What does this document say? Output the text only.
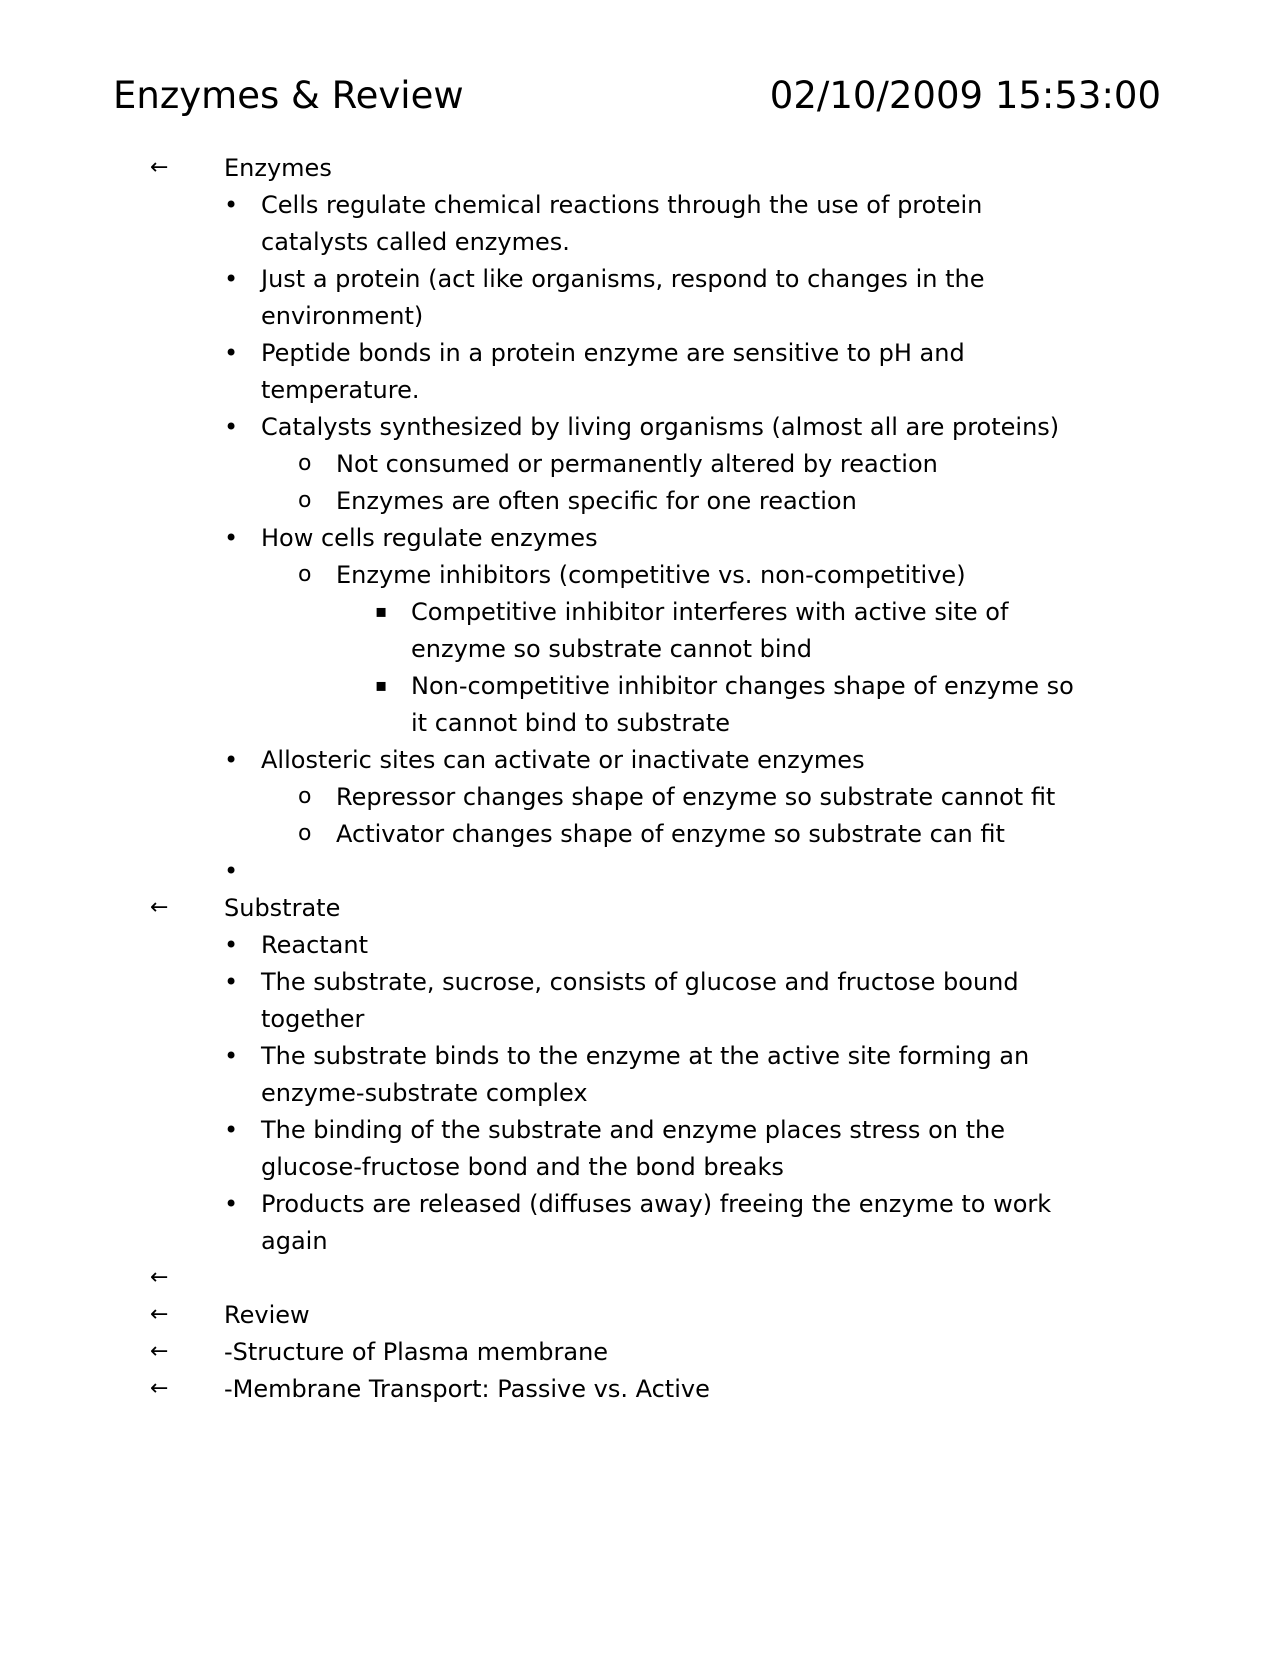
Enzymes & Review	02/10/2009 15:53:00
← Enzymes
• Cells regulate chemical reactions through the use of protein
catalysts called enzymes.
• Just a protein (act like organisms, respond to changes in the
environment)
• Peptide bonds in a protein enzyme are sensitive to pH and
temperature.
• Catalysts synthesized by living organisms (almost all are proteins)
o Not consumed or permanently altered by reaction
o Enzymes are often specific for one reaction
• How cells regulate enzymes
o Enzyme inhibitors (competitive vs. non-competitive)
▪ Competitive inhibitor interferes with active site of
enzyme so substrate cannot bind
▪ Non-competitive inhibitor changes shape of enzyme so
it cannot bind to substrate
• Allosteric sites can activate or inactivate enzymes
o Repressor changes shape of enzyme so substrate cannot fit
o Activator changes shape of enzyme so substrate can fit
•
← Substrate
• Reactant
• The substrate, sucrose, consists of glucose and fructose bound
together
• The substrate binds to the enzyme at the active site forming an
enzyme-substrate complex
• The binding of the substrate and enzyme places stress on the
glucose-fructose bond and the bond breaks
• Products are released (diffuses away) freeing the enzyme to work
again
←
← Review
← -Structure of Plasma membrane
← -Membrane Transport: Passive vs. Active
